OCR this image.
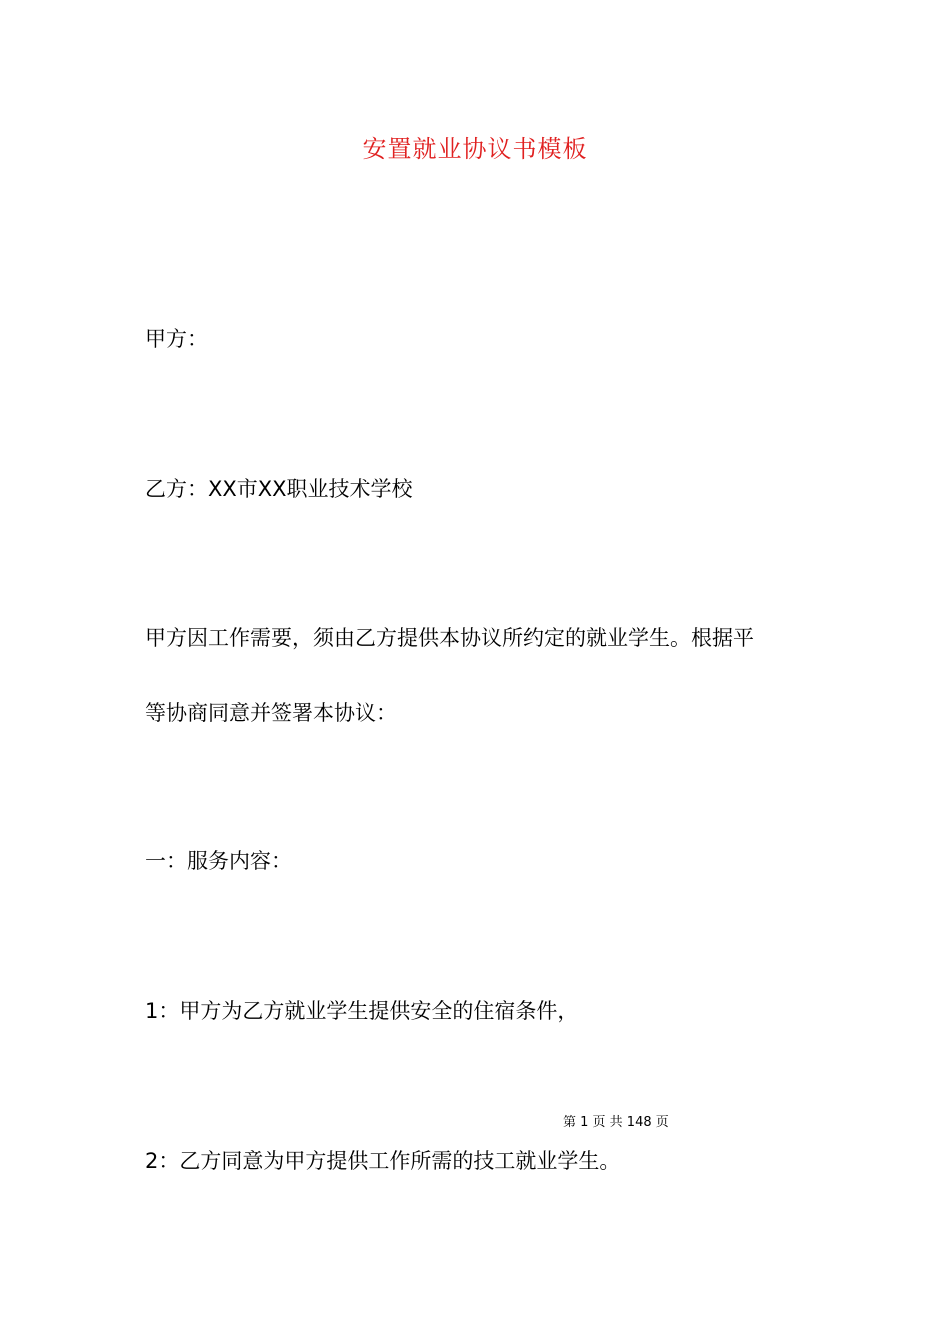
安置就业协议书模板
甲方：
乙方：XX市XX职业技术学校
甲方因工作需要，须由乙方提供本协议所约定的就业学生。根据平
等协商同意并签署本协议：
一：服务内容：
1：甲方为乙方就业学生提供安全的住宿条件，
第 1 页 共 148 页
2：乙方同意为甲方提供工作所需的技工就业学生。
